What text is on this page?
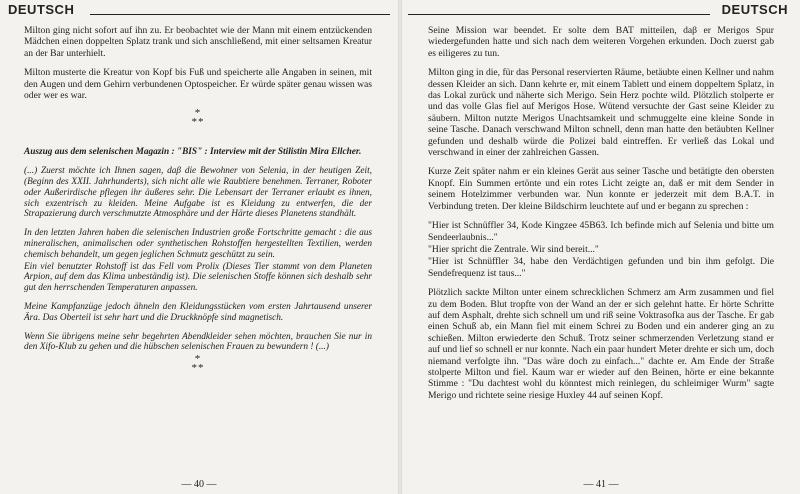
DEUTSCH

Milton ging nicht sofort auf ihn zu. Er beobachtet wie der Mann mit einem entzückenden Mädchen einen doppelten Splatz trank und sich anschließend, mit einer seltsamen Kreatur an der Bar unterhielt.

Milton musterte die Kreatur von Kopf bis Fuß und speicherte alle Angaben in seinen, mit den Augen und dem Gehirn verbundenen Optospeicher. Er würde später genau wissen was oder wer es war.

*
**

Auszug aus dem selenischen Magazin : "BIS" : Interview mit der Stilistin Mira Ellcher.

(...) Zuerst möchte ich Ihnen sagen, daβ die Bewohner von Selenia, in der heutigen Zeit, (Beginn des XXII. Jahrhunderts), sich nicht alle wie Raubtiere benehmen. Terraner, Roboter oder Außerirdische pflegen ihr äußeres sehr. Die Lebensart der Terraner erlaubt es ihnen, sich exzentrisch zu kleiden. Meine Aufgabe ist es Kleidung zu entwerfen, die der Strapazierung durch verschmutzte Atmosphäre und der Härte dieses Planetens standhält.

In den letzten Jahren haben die selenischen Industrien große Fortschritte gemacht : die aus mineralischen, animalischen oder synthetischen Rohstoffen hergestellten Textilien, werden chemisch behandelt, um gegen jeglichen Schmutz geschützt zu sein.

Ein viel benutzter Rohstoff ist das Fell vom Prolix (Dieses Tier stammt von dem Planeten Arpion, auf dem das Klima unbeständig ist). Die selenischen Stoffe können sich deshalb sehr gut den herrschenden Temperaturen anpassen.

Meine Kampfanzüge jedoch ähneln den Kleidungsstücken vom ersten Jahrtausend unserer Ära. Das Oberteil ist sehr hart und die Druckknöpfe sind magnetisch.

Wenn Sie übrigens meine sehr begehrten Abendkleider sehen möchten, brauchen Sie nur in den Xifo-Klub zu gehen und die hübschen selenischen Frauen zu bewundern ! (...)

*
**
— 40 —
DEUTSCH

Seine Mission war beendet. Er solte dem BAT mitteilen, daβ er Merigos Spur wiedergefunden hatte und sich nach dem weiteren Vorgehen erkunden. Doch zuerst gab es eiligeres zu tun.

Milton ging in die, für das Personal reservierten Räume, betäubte einen Kellner und nahm dessen Kleider an sich. Dann kehrte er, mit einem Tablett und einem doppeltem Splatz, in das Lokal zurück und näherte sich Merigo. Sein Herz pochte wild. Plötzlich stolperte er und das volle Glas fiel auf Merigos Hose. Wütend versuchte der Gast seine Kleider zu säubern. Milton nutzte Merigos Unachtsamkeit und schmuggelte eine kleine Sonde in seine Tasche. Danach verschwand Milton schnell, denn man hatte den betäubten Kellner gefunden und deshalb würde die Polizei bald eintreffen. Er verließ das Lokal und verschwand in einer der zahlreichen Gassen.

Kurze Zeit später nahm er ein kleines Gerät aus seiner Tasche und betätigte den obersten Knopf. Ein Summen ertönte und ein rotes Licht zeigte an, daß er mit dem Sender in seinem Hotelzimmer verbunden war. Nun konnte er jederzeit mit dem B.A.T. in Verbindung treten. Der kleine Bildschirm leuchtete auf und er begann zu sprechen :

"Hier ist Schnüffler 34, Kode Kingzee 45B63. Ich befinde mich auf Selenia und bitte um Sendeerlaubnis..."

"Hier spricht die Zentrale. Wir sind bereit..."

"Hier ist Schnüffler 34, habe den Verdächtigen gefunden und bin ihm gefolgt. Die Sendefrequenz ist taus..."

Plötzlich sackte Milton unter einem schrecklichen Schmerz am Arm zusammen und fiel zu dem Boden. Blut tropfte von der Wand an der er sich gelehnt hatte. Er hörte Schritte auf dem Asphalt, drehte sich schnell um und riß seine Voktrasofka aus der Tasche. Er gab einen Schuß ab, ein Mann fiel mit einem Schrei zu Boden und ein anderer ging an zu schießen. Milton erwiederte den Schuß. Trotz seiner schmerzenden Verletzung stand er auf und lief so schnell er nur konnte. Nach ein paar hundert Meter drehte er sich um, doch niemand verfolgte ihn. "Das wäre doch zu einfach..." dachte er. Am Ende der Straße stolperte Milton und fiel. Kaum war er wieder auf den Beinen, hörte er eine bekannte Stimme : "Du dachtest wohl du könntest mich reinlegen, du schleimiger Wurm" sagte Merigo und richtete seine riesige Huxley 44 auf seinen Kopf.

— 41 —
